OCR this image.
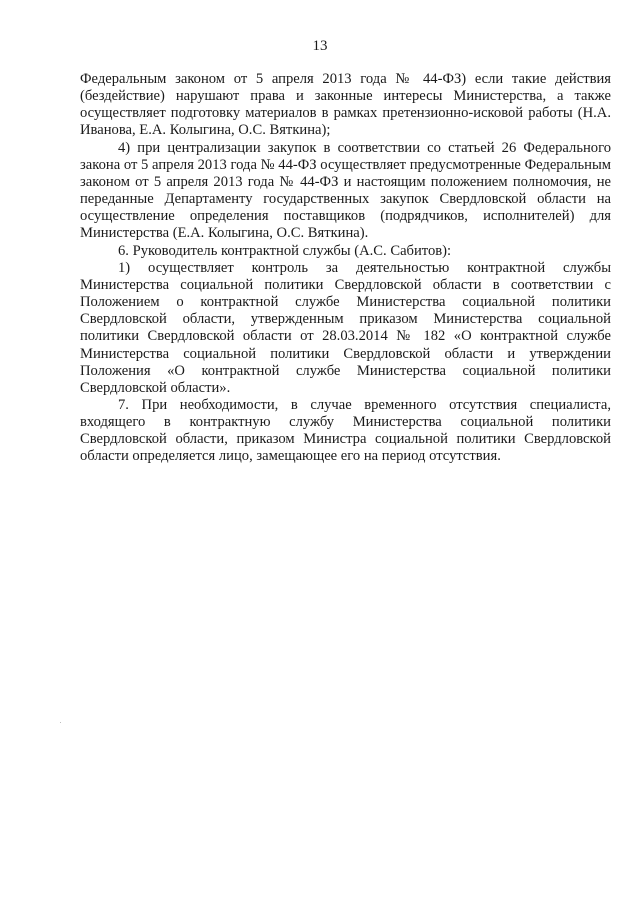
13

Федеральным законом от 5 апреля 2013 года № 44-ФЗ) если такие действия (бездействие) нарушают права и законные интересы Министерства, а также осуществляет подготовку материалов в рамках претензионно-исковой работы (Н.А. Иванова, Е.А. Колыгина, О.С. Вяткина);

4) при централизации закупок в соответствии со статьей 26 Федерального закона от 5 апреля 2013 года № 44-ФЗ осуществляет предусмотренные Федеральным законом от 5 апреля 2013 года № 44-ФЗ и настоящим положением полномочия, не переданные Департаменту государственных закупок Свердловской области на осуществление определения поставщиков (подрядчиков, исполнителей) для Министерства (Е.А. Колыгина, О.С. Вяткина).

6. Руководитель контрактной службы (А.С. Сабитов):

1) осуществляет контроль за деятельностью контрактной службы Министерства социальной политики Свердловской области в соответствии с Положением о контрактной службе Министерства социальной политики Свердловской области, утвержденным приказом Министерства социальной политики Свердловской области от 28.03.2014 № 182 «О контрактной службе Министерства социальной политики Свердловской области и утверждении Положения «О контрактной службе Министерства социальной политики Свердловской области».

7. При необходимости, в случае временного отсутствия специалиста, входящего в контрактную службу Министерства социальной политики Свердловской области, приказом Министра социальной политики Свердловской области определяется лицо, замещающее его на период отсутствия.
